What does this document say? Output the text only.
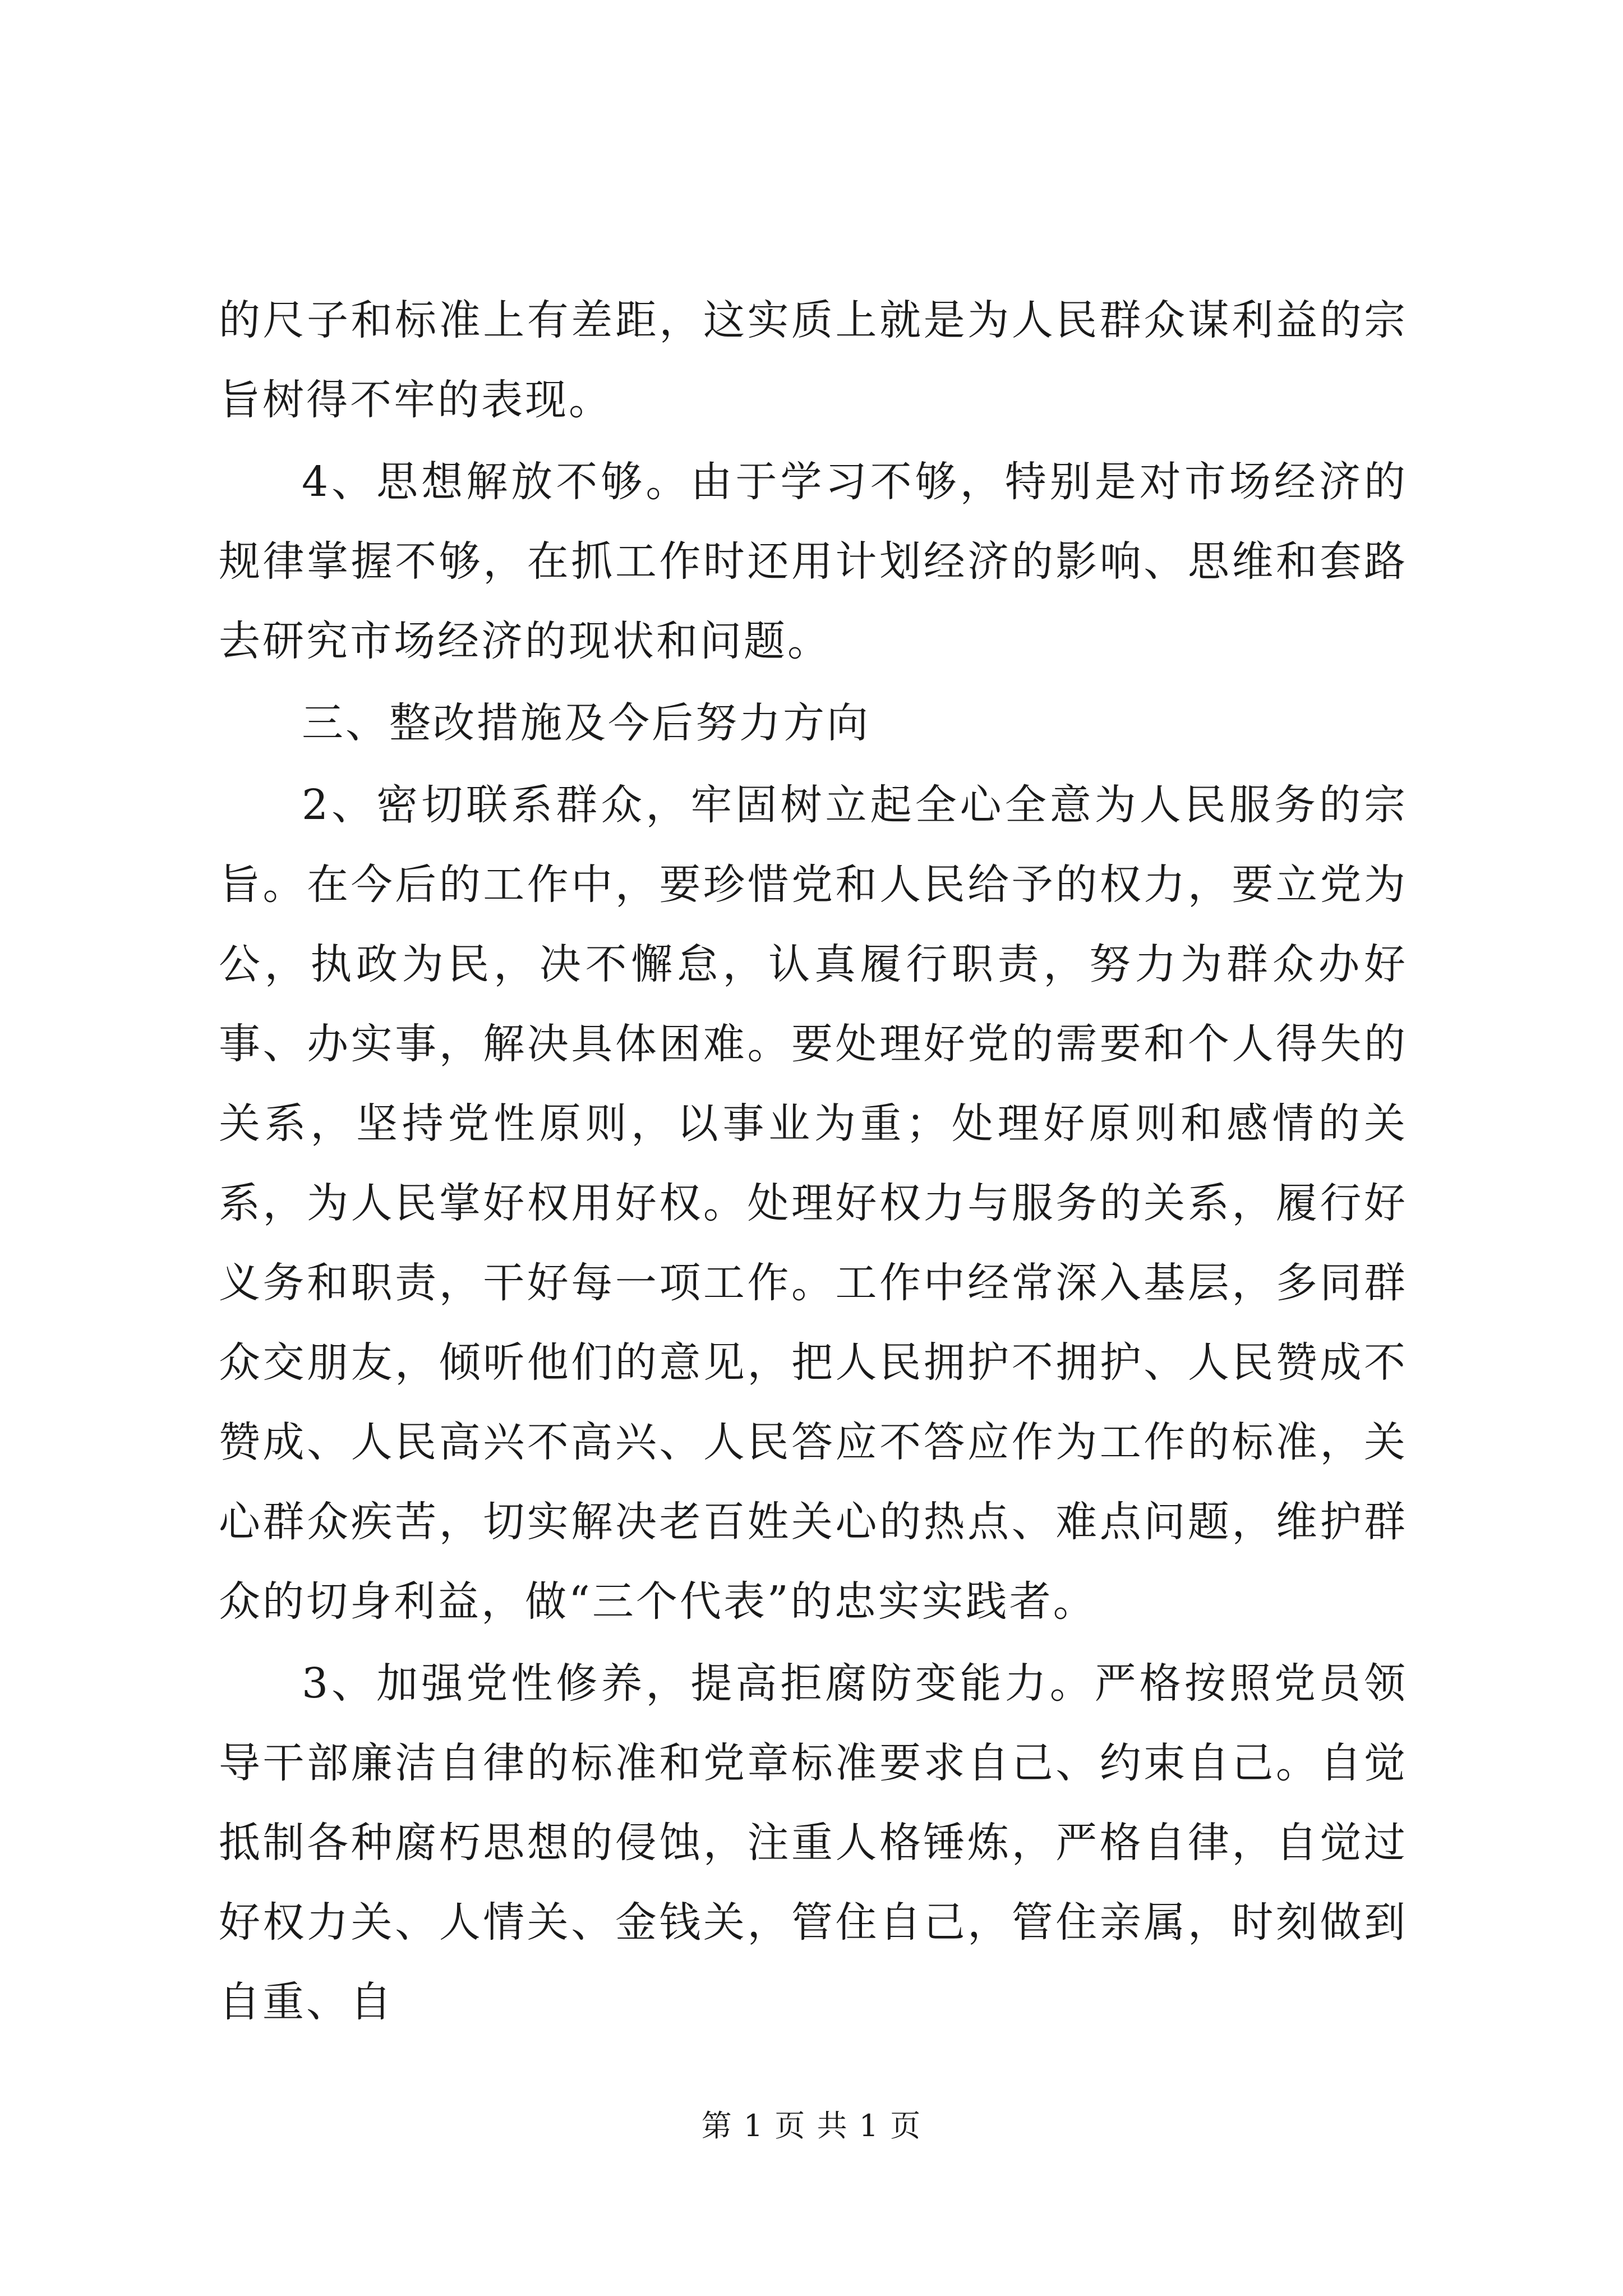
的尺子和标准上有差距，这实质上就是为人民群众谋利益的宗旨树得不牢的表现。

4、思想解放不够。由于学习不够，特别是对市场经济的规律掌握不够，在抓工作时还用计划经济的影响、思维和套路去研究市场经济的现状和问题。

三、整改措施及今后努力方向

2、密切联系群众，牢固树立起全心全意为人民服务的宗旨。在今后的工作中，要珍惜党和人民给予的权力，要立党为公，执政为民，决不懈怠，认真履行职责，努力为群众办好事、办实事，解决具体困难。要处理好党的需要和个人得失的关系，坚持党性原则，以事业为重；处理好原则和感情的关系，为人民掌好权用好权。处理好权力与服务的关系，履行好义务和职责，干好每一项工作。工作中经常深入基层，多同群众交朋友，倾听他们的意见，把人民拥护不拥护、人民赞成不赞成、人民高兴不高兴、人民答应不答应作为工作的标准，关心群众疾苦，切实解决老百姓关心的热点、难点问题，维护群众的切身利益，做“三个代表”的忠实实践者。

3、加强党性修养，提高拒腐防变能力。严格按照党员领导干部廉洁自律的标准和党章标准要求自己、约束自己。自觉抵制各种腐朽思想的侵蚀，注重人格锤炼，严格自律，自觉过好权力关、人情关、金钱关，管住自己，管住亲属，时刻做到自重、自

第 1 页 共 1 页
